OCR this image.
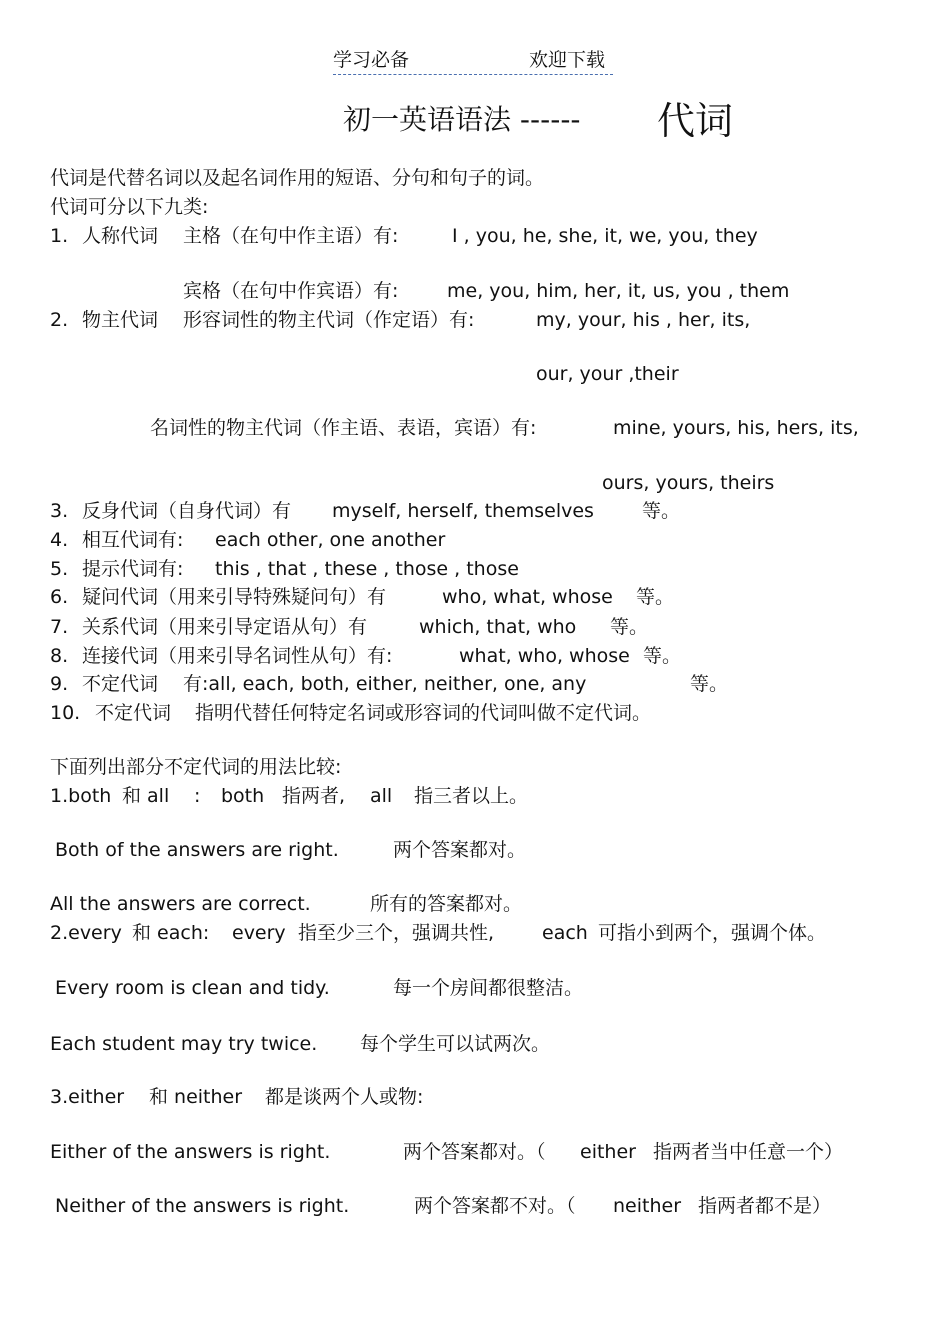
学习必备	欢迎下载
初一英语语法 ------ 代词
代词是代替名词以及起名词作用的短语、分句和句子的词。
代词可分以下九类:
1. 人称代词 主格（在句中作主语）有:	I , you, he, she, it, we, you, they
宾格（在句中作宾语）有:	me, you, him, her, it, us, you , them
2. 物主代词 形容词性的物主代词（作定语）有:	my, your, his , her, its,
our, your ,their
名词性的物主代词（作主语、表语，宾语）有:	mine, yours, his, hers, its,
ours, yours, theirs
3. 反身代词（自身代词）有 myself, herself, themselves	等。
4. 相互代词有: each other, one another
5. 提示代词有: this , that , these , those , those
6. 疑问代词（用来引导特殊疑问句）有	who, what, whose 等。
7. 关系代词（用来引导定语从句）有	which, that, who 等。
8. 连接代词（用来引导名词性从句）有:	what, who, whose 等。
9. 不定代词 有:all, each, both, either, neither, one, any	等。
10. 不定代词 指明代替任何特定名词或形容词的代词叫做不定代词。
下面列出部分不定代词的用法比较:
1.both 和 all : both 指两者, all 指三者以上。
Both of the answers are right.	两个答案都对。
All the answers are correct.	所有的答案都对。
2.every 和 each: every 指至少三个，强调共性,	each 可指小到两个，强调个体。
Every room is clean and tidy.	每一个房间都很整洁。
Each student may try twice. 每个学生可以试两次。
3.either 和 neither 都是谈两个人或物:
Either of the answers is right.	两个答案都对。（ either 指两者当中任意一个）
Neither of the answers is right.	两个答案都不对。（ neither 指两者都不是）
